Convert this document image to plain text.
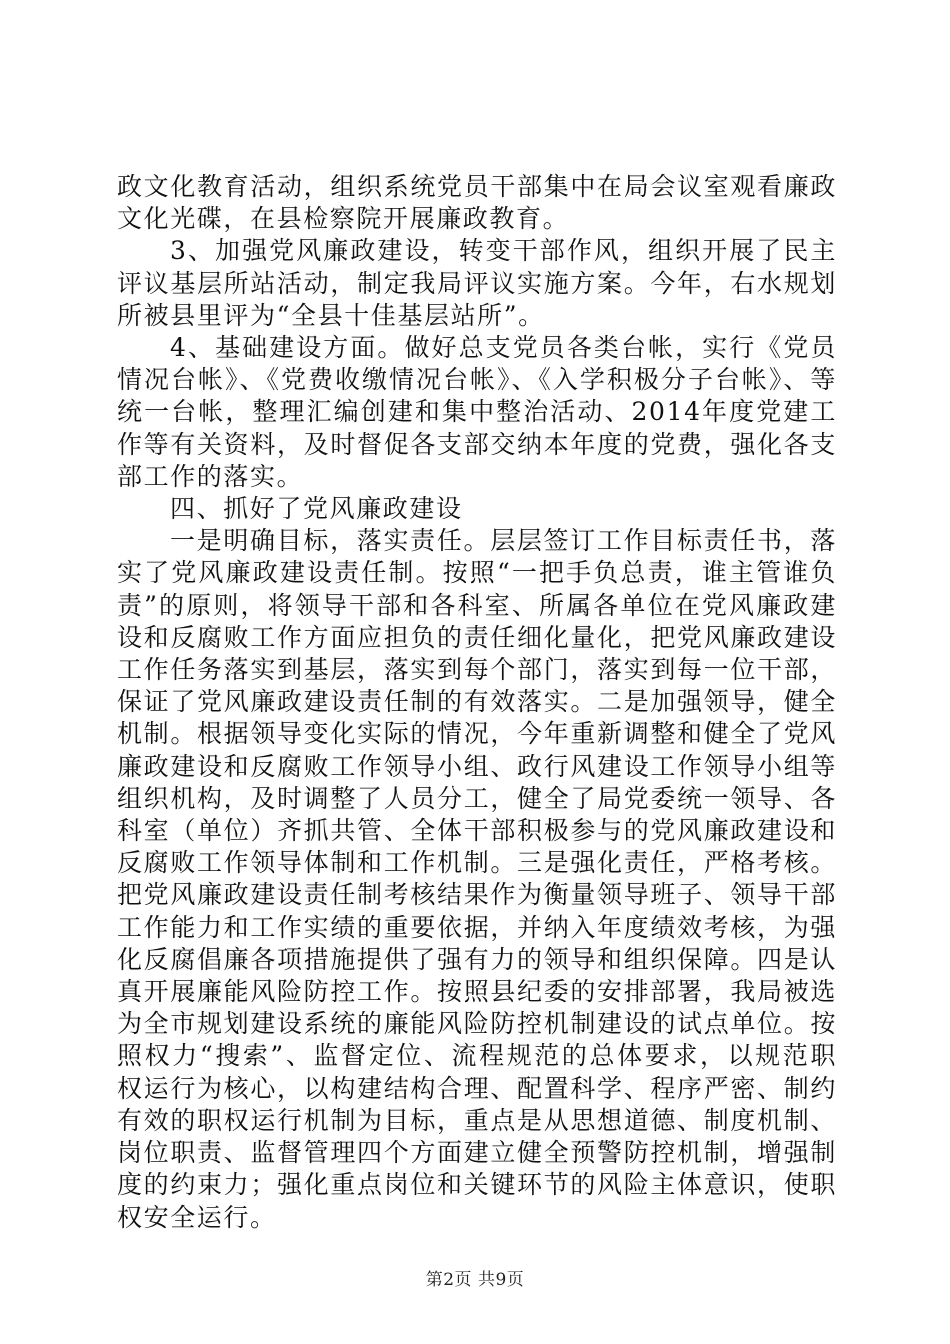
政文化教育活动，组织系统党员干部集中在局会议室观看廉政文化光碟，在县检察院开展廉政教育。

3、加强党风廉政建设，转变干部作风，组织开展了民主评议基层所站活动，制定我局评议实施方案。今年，右水规划所被县里评为“全县十佳基层站所”。

4、基础建设方面。做好总支党员各类台帐，实行《党员情况台帐》、《党费收缴情况台帐》、《入学积极分子台帐》、等统一台帐，整理汇编创建和集中整治活动、2014年度党建工作等有关资料，及时督促各支部交纳本年度的党费，强化各支部工作的落实。

四、抓好了党风廉政建设

一是明确目标，落实责任。层层签订工作目标责任书，落实了党风廉政建设责任制。按照“一把手负总责，谁主管谁负责”的原则，将领导干部和各科室、所属各单位在党风廉政建设和反腐败工作方面应担负的责任细化量化，把党风廉政建设工作任务落实到基层，落实到每个部门，落实到每一位干部，保证了党风廉政建设责任制的有效落实。二是加强领导，健全机制。根据领导变化实际的情况，今年重新调整和健全了党风廉政建设和反腐败工作领导小组、政行风建设工作领导小组等组织机构，及时调整了人员分工，健全了局党委统一领导、各科室（单位）齐抓共管、全体干部积极参与的党风廉政建设和反腐败工作领导体制和工作机制。三是强化责任，严格考核。把党风廉政建设责任制考核结果作为衡量领导班子、领导干部工作能力和工作实绩的重要依据，并纳入年度绩效考核，为强化反腐倡廉各项措施提供了强有力的领导和组织保障。四是认真开展廉能风险防控工作。按照县纪委的安排部署，我局被选为全市规划建设系统的廉能风险防控机制建设的试点单位。按照权力“搜索”、监督定位、流程规范的总体要求，以规范职权运行为核心，以构建结构合理、配置科学、程序严密、制约有效的职权运行机制为目标，重点是从思想道德、制度机制、岗位职责、监督管理四个方面建立健全预警防控机制，增强制度的约束力；强化重点岗位和关键环节的风险主体意识，使职权安全运行。

第2页 共9页
